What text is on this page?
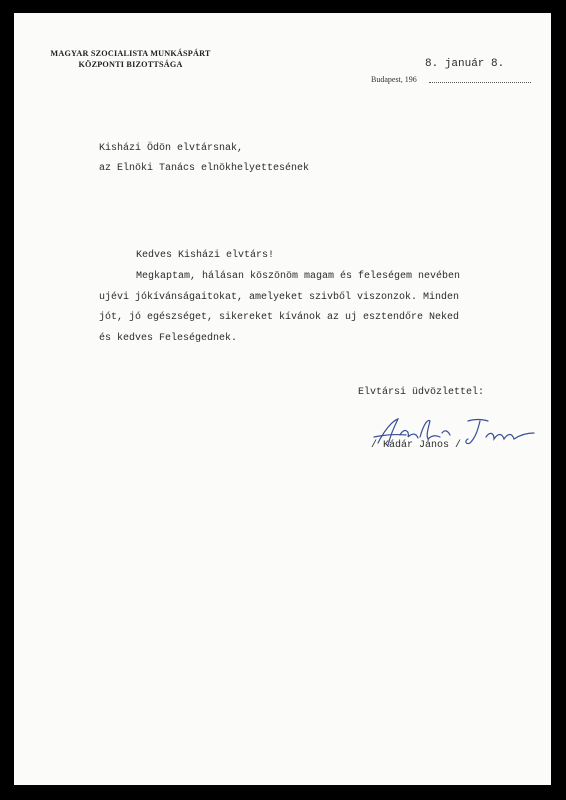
MAGYAR SZOCIALISTA MUNKÁSPÁRT
KÖZPONTI BIZOTTSÁGA
Budapest, 196
8. január 8.
Kisházi Ödön elvtársnak,
az Elnöki Tanács elnökhelyettesének
Kedves Kisházi elvtárs!
Megkaptam, hálásan köszönöm magam és feleségem nevében
ujévi jókívánságaitokat, amelyeket szivből viszonzok. Minden
jót, jó egészséget, sikereket kívánok az uj esztendőre Neked
és kedves Feleségednek.
Elvtársi üdvözlettel:
/ Kádár János /
